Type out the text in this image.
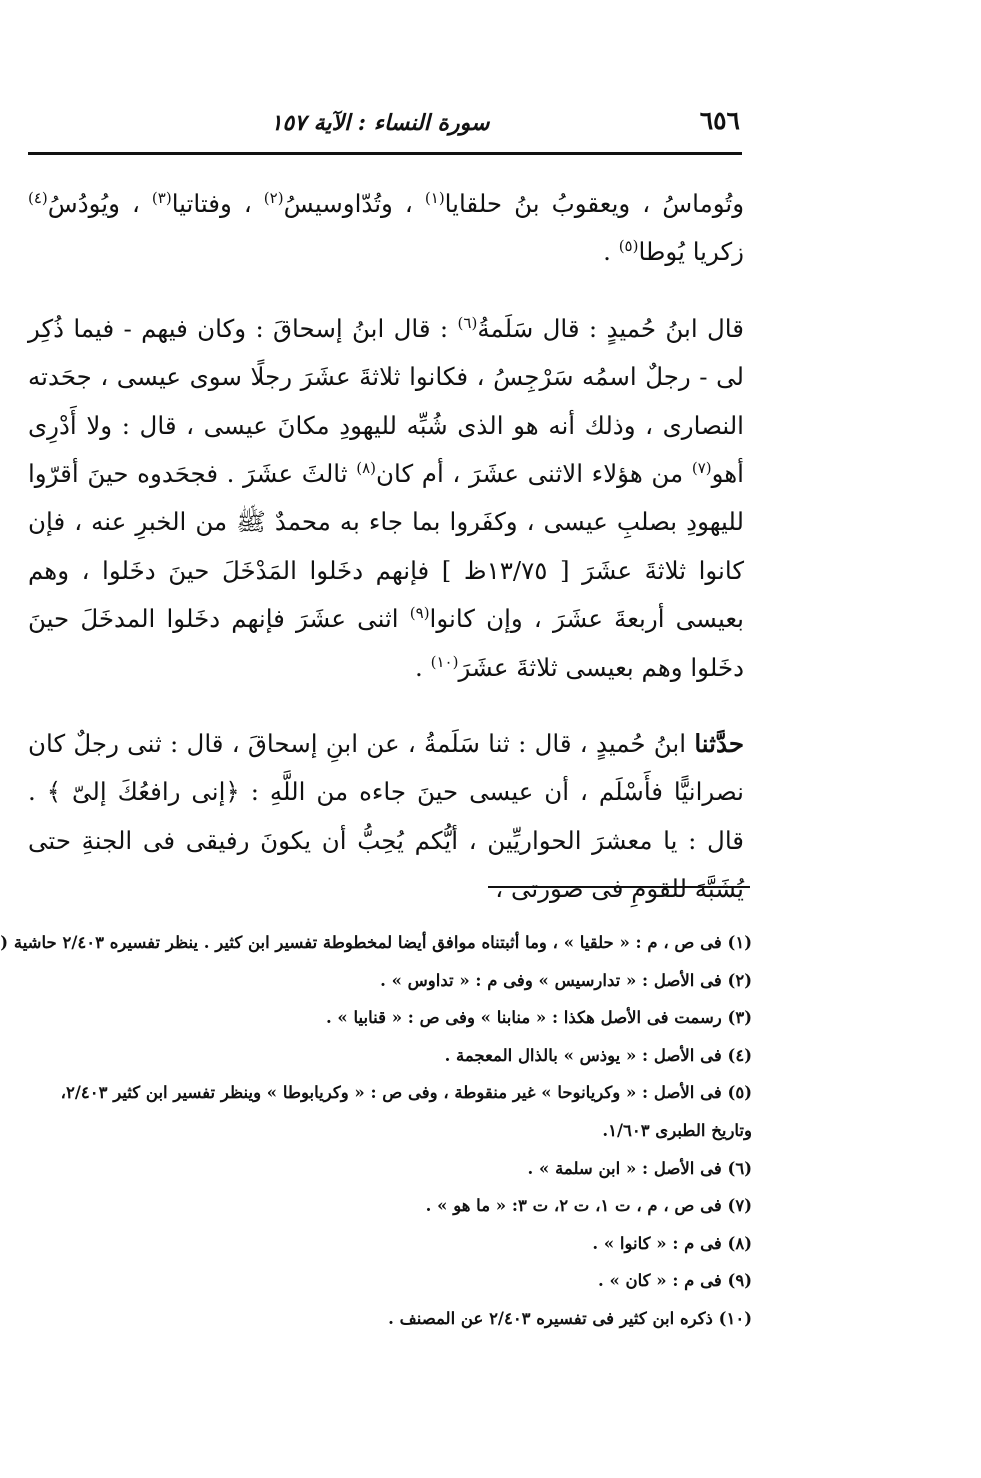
٦٥٦
سورة النساء : الآية ١٥٧

وتُوماسُ ، ويعقوبُ بنُ حلقايا$^{(١)}$ ، وتُدّاوسيسُ$^{(٢)}$ ، وفتاتيا$^{(٣)}$ ، ويُودُسُ$^{(٤)}$ زكريا يُوطا$^{(٥)}$ .

قال ابنُ حُميدٍ : قال سَلَمةُ$^{(٦)}$ : قال ابنُ إسحاقَ : وكان فيهم - فيما ذُكِر لى - رجلٌ اسمُه سَرْجِسُ ، فكانوا ثلاثةَ عشَرَ رجلًا سوى عيسى ، جحَدته النصارى ، وذلك أنه هو الذى شُبِّه لليهودِ مكانَ عيسى ، قال : ولا أَدْرِى أهو$^{(٧)}$ من هؤلاء الاثنى عشَرَ ، أم كان$^{(٨)}$ ثالثَ عشَرَ . فجحَدوه حينَ أقرّوا لليهودِ بصلبِ عيسى ، وكفَروا بما جاء به محمدٌ ﷺ من الخبرِ عنه ، فإن كانوا ثلاثةَ عشَرَ [ ١٣/٧٥ظ ] فإنهم دخَلوا المَدْخَلَ حينَ دخَلوا ، وهم بعيسى أربعةَ عشَرَ ، وإن كانوا$^{(٩)}$ اثنى عشَرَ فإنهم دخَلوا المدخَلَ حينَ دخَلوا وهم بعيسى ثلاثةَ عشَرَ$^{(١٠)}$ .

حدَّثنا ابنُ حُميدٍ ، قال : ثنا سَلَمةُ ، عن ابنِ إسحاقَ ، قال : ثنى رجلٌ كان نصرانيًّا فأَسْلَم ، أن عيسى حينَ جاءه من اللَّهِ : ﴿إنى رافعُكَ إلىّ ﴾ . قال : يا معشرَ الحواريِّين ، أيُّكم يُحِبُّ أن يكونَ رفيقى فى الجنةِ حتى يُشَبَّهَ للقومِ فى صورتى ،

(١) فى ص ، م : « حلقيا » ، وما أثبتناه موافق أيضا لمخطوطة تفسير ابن كثير . ينظر تفسيره ٢/٤٠٣ حاشية (

(٢) فى الأصل : « تدارسيس » وفى م : « تداوس » .

(٣) رسمت فى الأصل هكذا : « منابنا » وفى ص : « قنابيا » .

(٤) فى الأصل : « يوذس » بالذال المعجمة .

(٥) فى الأصل : « وكريانوحا » غير منقوطة ، وفى ص : « وكريابوطا » وينظر تفسير ابن كثير ٢/٤٠٣، وتاريخ الطبرى ١/٦٠٣.

(٦) فى الأصل : « ابن سلمة » .

(٧) فى ص ، م ، ت ١، ت ٢، ت ٣: « ما هو » .

(٨) فى م : « كانوا » .

(٩) فى م : « كان » .

(١٠) ذكره ابن كثير فى تفسيره ٢/٤٠٣ عن المصنف .
